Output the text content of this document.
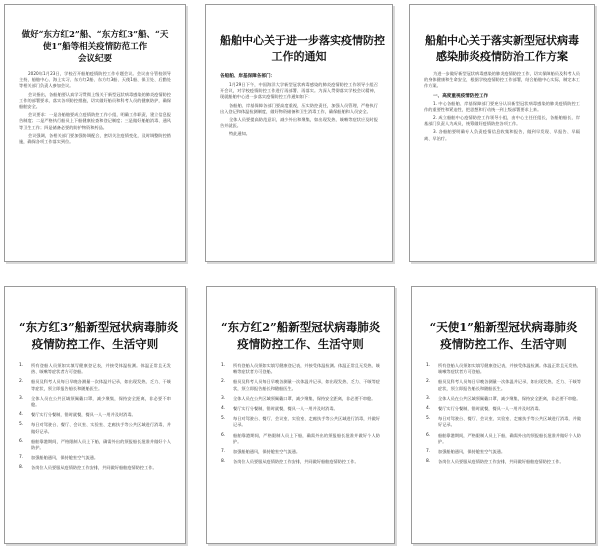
做好“东方红2”船、“东方红3”船、“天
使1”船等相关疫情防范工作
会议纪要

2020年1月23日，学校召开船舶疫情防控工作专题会议。会议由分管校领导主持，船舶中心、海上实习、东方红2船、东方红3船、天使1船、保卫处、后勤处等相关部门负责人参加会议。

会议指出，各船舶要认真学习贯彻上级关于新型冠状病毒感染的肺炎疫情防控工作的部署要求，落实各项防控措施，切实做好船员和科考人员的健康防护，确保船舶安全。

会议要求：一是各船舶要成立疫情防控工作小组，明确工作职责，建立信息报告制度；二是严格执行船员上下船健康检查和登记制度；三是做好船舶消毒、通风等卫生工作；四是储备必要的防护物资和药品。

会议强调，各相关部门要加强协调配合，密切关注疫情变化，及时调整防控措施，确保各项工作落实到位。

船舶中心关于进一步落实疫情防控
工作的通知
各船舶、岸基保障各部门：

1月29日下午，中国海洋大学新型冠状病毒感染的肺炎疫情防控工作领导小组召开会议，对学校疫情防控工作进行再部署、再落实。为深入贯彻落实学校会议精神，现就船舶中心进一步落实疫情防控工作通知如下：

各船舶、岸基保障各部门要高度重视，压实防控责任，加强人员管理，严格执行出入登记和体温检测制度，做好物资储备和卫生消毒工作，确保船舶和人员安全。

全体人员要提高防范意识，减少外出和聚集，如出现发热、咳嗽等症状应及时报告并就医。

特此通知。

船舶中心关于落实新型冠状病毒
感染肺炎疫情防治工作方案

为进一步做好新型冠状病毒感染的肺炎疫情防控工作，切实保障船员及科考人员的身体健康和生命安全，根据学校疫情防控工作部署，结合船舶中心实际，制定本工作方案。

一、高度重视疫情防控工作

1. 中心各船舶、岸基保障部门要充分认识新型冠状病毒感染的肺炎疫情防控工作的重要性和紧迫性，把思想和行动统一到上级部署要求上来。

2. 成立船舶中心疫情防控工作领导小组，由中心主任任组长，各船舶船长、岸基部门负责人为成员，统筹做好疫情防控各项工作。

3. 各船舶要明确专人负责疫情信息收集和报告，做到早发现、早报告、早隔离、早治疗。

“东方红3”船新型冠状病毒肺炎
疫情防控工作、生活守则
1.	所有登船人员须如实填写健康登记表，并接受体温检测。体温正常且无发热、咳嗽等症状者方可登船。
2.	船员及科考人员每日早晚各测量一次体温并记录，如出现发热、乏力、干咳等症状，须立即报告船长和随船医生。
3.	全体人员在公共区域须佩戴口罩，减少聚集，保持安全距离，非必要不串舱。
4.	餐厅实行分餐制，错时就餐，餐具一人一用并及时消毒。
5.	每日对驾驶台、餐厅、会议室、实验室、走廊扶手等公共区域进行消毒，并做好记录。
6.	船舶靠港期间，严格限制人员上下船，确需外出的须报船长批准并做好个人防护。
7.	加强船舶通风，保持舱室空气流通。
8.	各岗位人员要服从疫情防控工作安排，共同做好船舶疫情防控工作。
“东方红2”船新型冠状病毒肺炎
疫情防控工作、生活守则
1.	所有登船人员须如实填写健康登记表，并接受体温检测。体温正常且无发热、咳嗽等症状者方可登船。
2.	船员及科考人员每日早晚各测量一次体温并记录，如出现发热、乏力、干咳等症状，须立即报告船长和随船医生。
3.	全体人员在公共区域须佩戴口罩，减少聚集，保持安全距离，非必要不串舱。
4.	餐厅实行分餐制，错时就餐，餐具一人一用并及时消毒。
5.	每日对驾驶台、餐厅、会议室、实验室、走廊扶手等公共区域进行消毒，并做好记录。
6.	船舶靠港期间，严格限制人员上下船，确需外出的须报船长批准并做好个人防护。
7.	加强船舶通风，保持舱室空气流通。
8.	各岗位人员要服从疫情防控工作安排，共同做好船舶疫情防控工作。
“天使1”船新型冠状病毒肺炎
疫情防控工作、生活守则
1.	所有登船人员须如实填写健康登记表，并接受体温检测。体温正常且无发热、咳嗽等症状者方可登船。
2.	船员及科考人员每日早晚各测量一次体温并记录，如出现发热、乏力、干咳等症状，须立即报告船长和随船医生。
3.	全体人员在公共区域须佩戴口罩，减少聚集，保持安全距离，非必要不串舱。
4.	餐厅实行分餐制，错时就餐，餐具一人一用并及时消毒。
5.	每日对驾驶台、餐厅、会议室、实验室、走廊扶手等公共区域进行消毒，并做好记录。
6.	船舶靠港期间，严格限制人员上下船，确需外出的须报船长批准并做好个人防护。
7.	加强船舶通风，保持舱室空气流通。
8.	各岗位人员要服从疫情防控工作安排，共同做好船舶疫情防控工作。
